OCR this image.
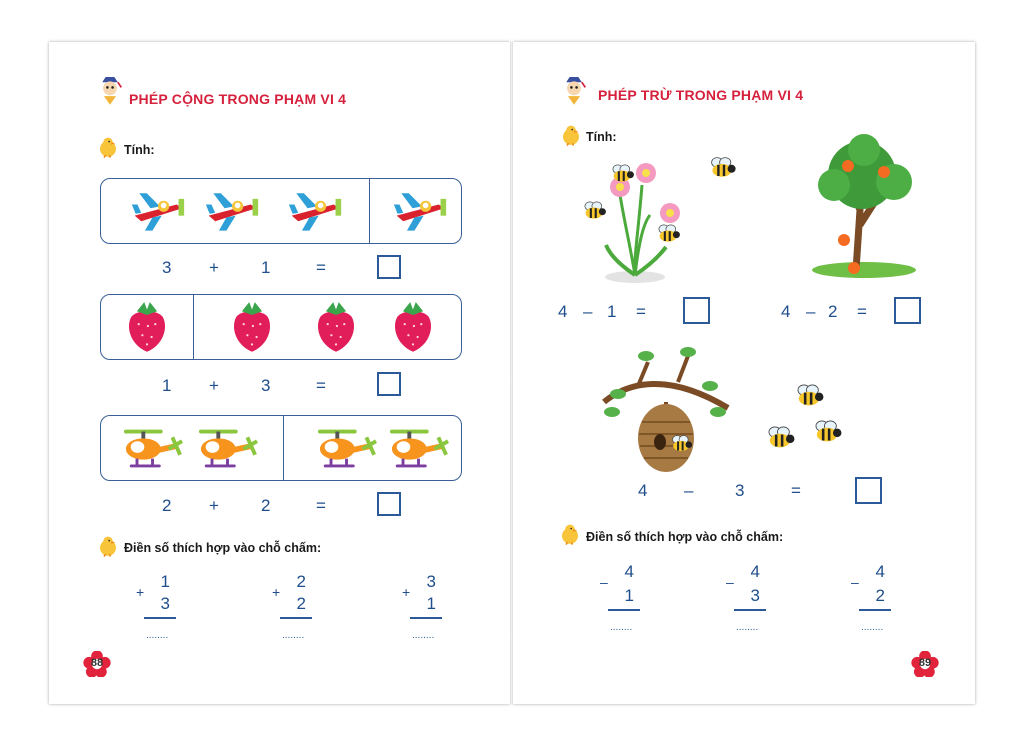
PHÉP CỘNG TRONG PHẠM VI 4
Tính:
3 + 1	=
1 + 3	=
2 + 2	=
Điền số thích hợp vào chỗ chấm:
1
+
3
........
2
+
2
........
3
+
1
........
88
PHÉP TRỪ TRONG PHẠM VI 4
Tính:
4 – 1 =	4 – 2 =
4 – 3	=
Điền số thích hợp vào chỗ chấm:
4
–
1
........
4
–
3
........
4
–
2
........
89
